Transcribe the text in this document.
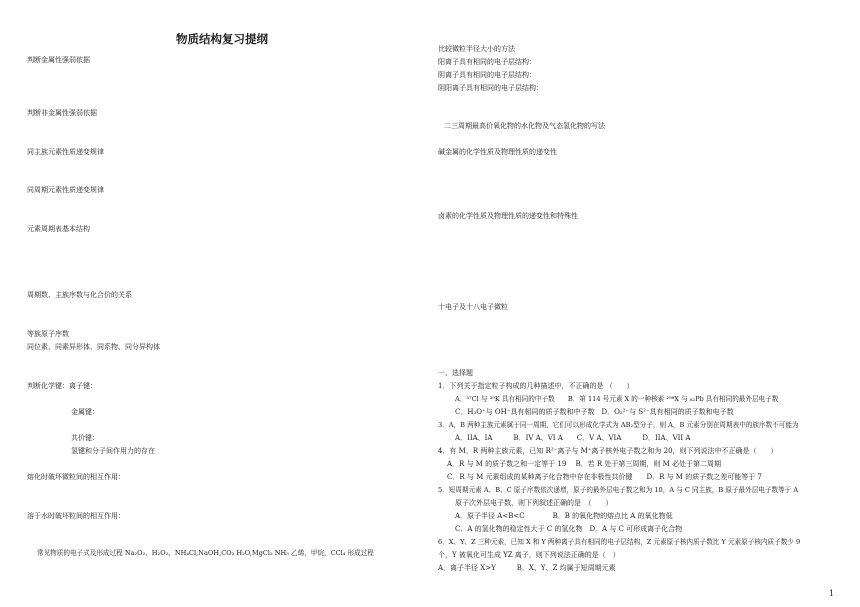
物质结构复习提纲
判断金属性强弱依据
判断非金属性强弱依据
同主族元素性质递变规律
同周期元素性质递变规律
元素周期表基本结构
周期数、主族序数与化合价的关系
等族原子序数
同位素、同素异形体、同系物、同分异构体
判断化学键：离子键：
金属键：
共价键：
氢键和分子间作用力的存在
熔化时破坏微粒间的相互作用：
溶于水时破坏粒间的相互作用：
常见物质的电子式及形成过程 Na₂O₂、H₂O₂、NH₄Cl,NaOH,CO₂ H₂O,MgCl₂ NH₃ 乙烯，甲烷，CCl₄ 形成过程
比较微粒半径大小的方法
阳离子具有相同的电子层结构：
阴离子具有相同的电子层结构：
阴阳离子具有相同的电子层结构：
二三周期最高价氧化物的水化物及气态氢化物的写法
碱金属的化学性质及物理性质的递变性
卤素的化学性质及物理性质的递变性和特殊性
十电子及十八电子微粒
一、选择题
1．下列关于指定粒子构成的几种描述中，不正确的是 （　　）
A．³⁷Cl 与 ³⁹K 具有相同的中子数　　B．第 114 号元素 X 的一种核素 ²⁹⁸X 与 ₈₂Pb 具有相同的最外层电子数
C．H₃O⁺与 OH⁻具有相同的质子数和中子数　D．O₂²⁻与 S²⁻具有相同的质子数和电子数
3．A，B 两种主族元素属于同一周期，它们可以形成化学式为 AB₂型分子，则 A，B 元素分别在周期表中的族序数不可能为
A．IIA、IA　　　B．IV A、VI A　　C．V A、VIA　　　D．IIA、VII A
4．有 M，R 两种主族元素，已知 R²⁻离子与 M⁺离子核外电子数之和为 20，则下列说法中不正确是（　　）
A．R 与 M 的质子数之和一定等于 19　 B．若 R 处于第三周期，则 M 必处于第二周期
C．R 与 M 元素组成的某种离子化合物中存在非极性共价键　　D．R 与 M 的质子数之差可能等于 7
5．短周期元素 A、B、C 原子序数依次递增，原子的最外层电子数之和为 10，A 与 C 同主族，B 原子最外层电子数等于 A
原子次外层电子数，则下列叙述正确的是　（　　）
A．原子半径 A<B<C　　　　B．B 的氧化物的熔点比 A 的氧化物低
C．A 的氢化物的稳定性大于 C 的氢化物　D．A 与 C 可形成离子化合物
6．X、Y、Z 三种元素，已知 X 和 Y 两种离子具有相同的电子层结构，Z 元素原子核内质子数比 Y 元素原子核内质子数少 9
个，Y 被氧化可生成 YZ 离子，则下列说法正确的是（　）
A．离子半径 X>Y　　　B．X、Y、Z 均属于短周期元素
1
